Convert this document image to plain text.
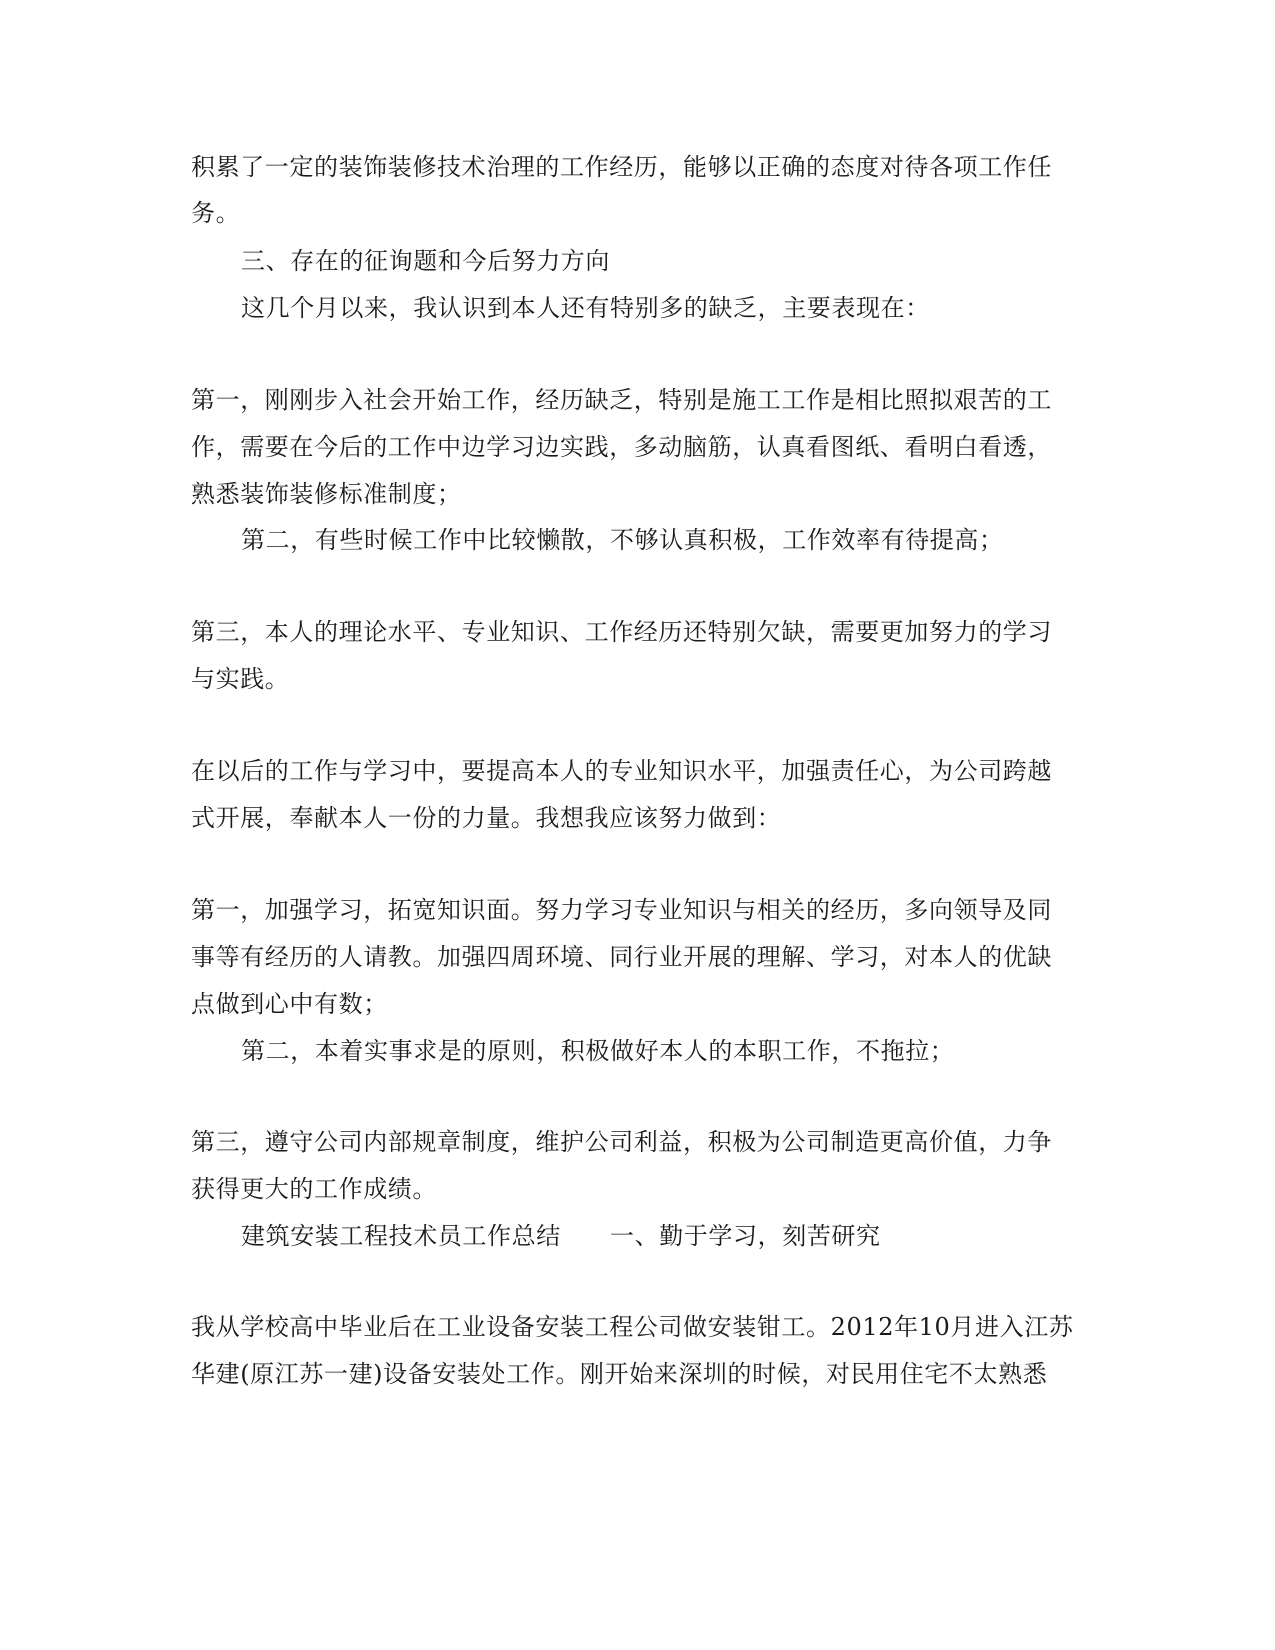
积累了一定的装饰装修技术治理的工作经历，能够以正确的态度对待各项工作任
务。
三、存在的征询题和今后努力方向
这几个月以来，我认识到本人还有特别多的缺乏，主要表现在：
第一，刚刚步入社会开始工作，经历缺乏，特别是施工工作是相比照拟艰苦的工
作，需要在今后的工作中边学习边实践，多动脑筋，认真看图纸、看明白看透，
熟悉装饰装修标准制度；
第二，有些时候工作中比较懒散，不够认真积极，工作效率有待提高；
第三，本人的理论水平、专业知识、工作经历还特别欠缺，需要更加努力的学习
与实践。
在以后的工作与学习中，要提高本人的专业知识水平，加强责任心，为公司跨越
式开展，奉献本人一份的力量。我想我应该努力做到：
第一，加强学习，拓宽知识面。努力学习专业知识与相关的经历，多向领导及同
事等有经历的人请教。加强四周环境、同行业开展的理解、学习，对本人的优缺
点做到心中有数；
第二，本着实事求是的原则，积极做好本人的本职工作，不拖拉；
第三，遵守公司内部规章制度，维护公司利益，积极为公司制造更高价值，力争
获得更大的工作成绩。
建筑安装工程技术员工作总结　　一、勤于学习，刻苦研究
我从学校高中毕业后在工业设备安装工程公司做安装钳工。2012年10月进入江苏
华建(原江苏一建)设备安装处工作。刚开始来深圳的时候，对民用住宅不太熟悉
